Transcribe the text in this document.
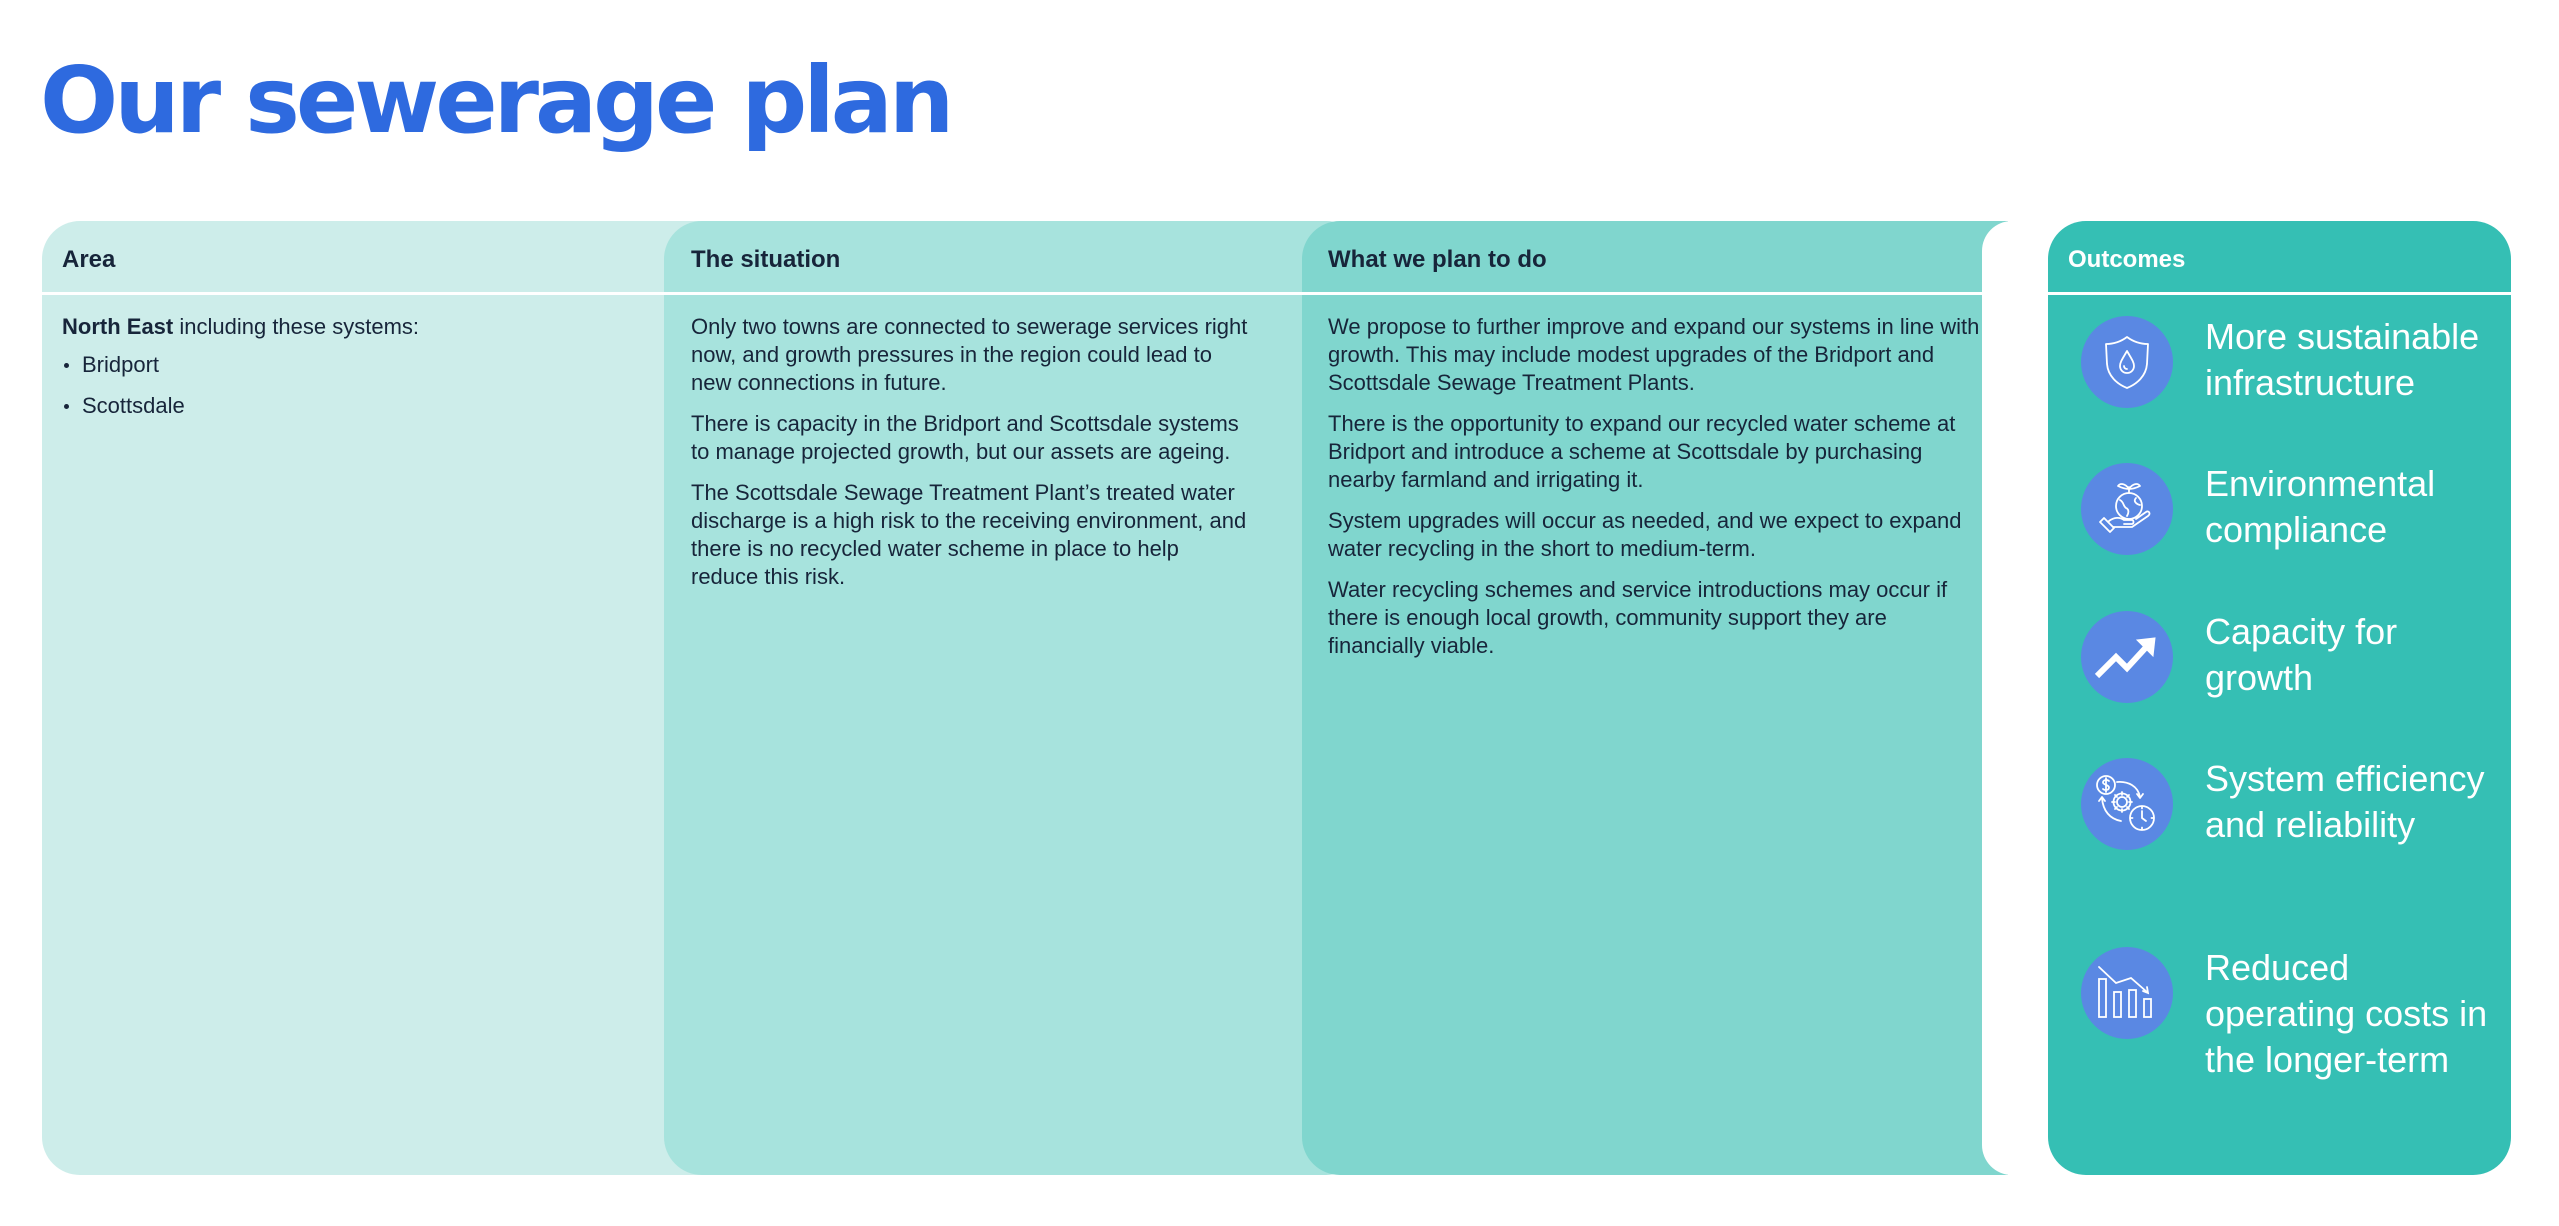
Our sewerage plan
Area

North East including these systems:

Bridport
Scottsdale
The situation

Only two towns are connected to sewerage services right now, and growth pressures in the region could lead to new connections in future.

There is capacity in the Bridport and Scottsdale systems to manage projected growth, but our assets are ageing.

The Scottsdale Sewage Treatment Plant’s treated water discharge is a high risk to the receiving environment, and there is no recycled water scheme in place to help reduce this risk.

What we plan to do

We propose to further improve and expand our systems in line with growth. This may include modest upgrades of the Bridport and Scottsdale Sewage Treatment Plants.

There is the opportunity to expand our recycled water scheme at Bridport and introduce a scheme at Scottsdale by purchasing nearby farmland and irrigating it.

System upgrades will occur as needed, and we expect to expand water recycling in the short to medium-term.

Water recycling schemes and service introductions may occur if there is enough local growth, community support they are financially viable.

Outcomes
More sustainable infrastructure
Environmental compliance
Capacity for growth
System efficiency and reliability
Reduced operating costs in the longer-term
